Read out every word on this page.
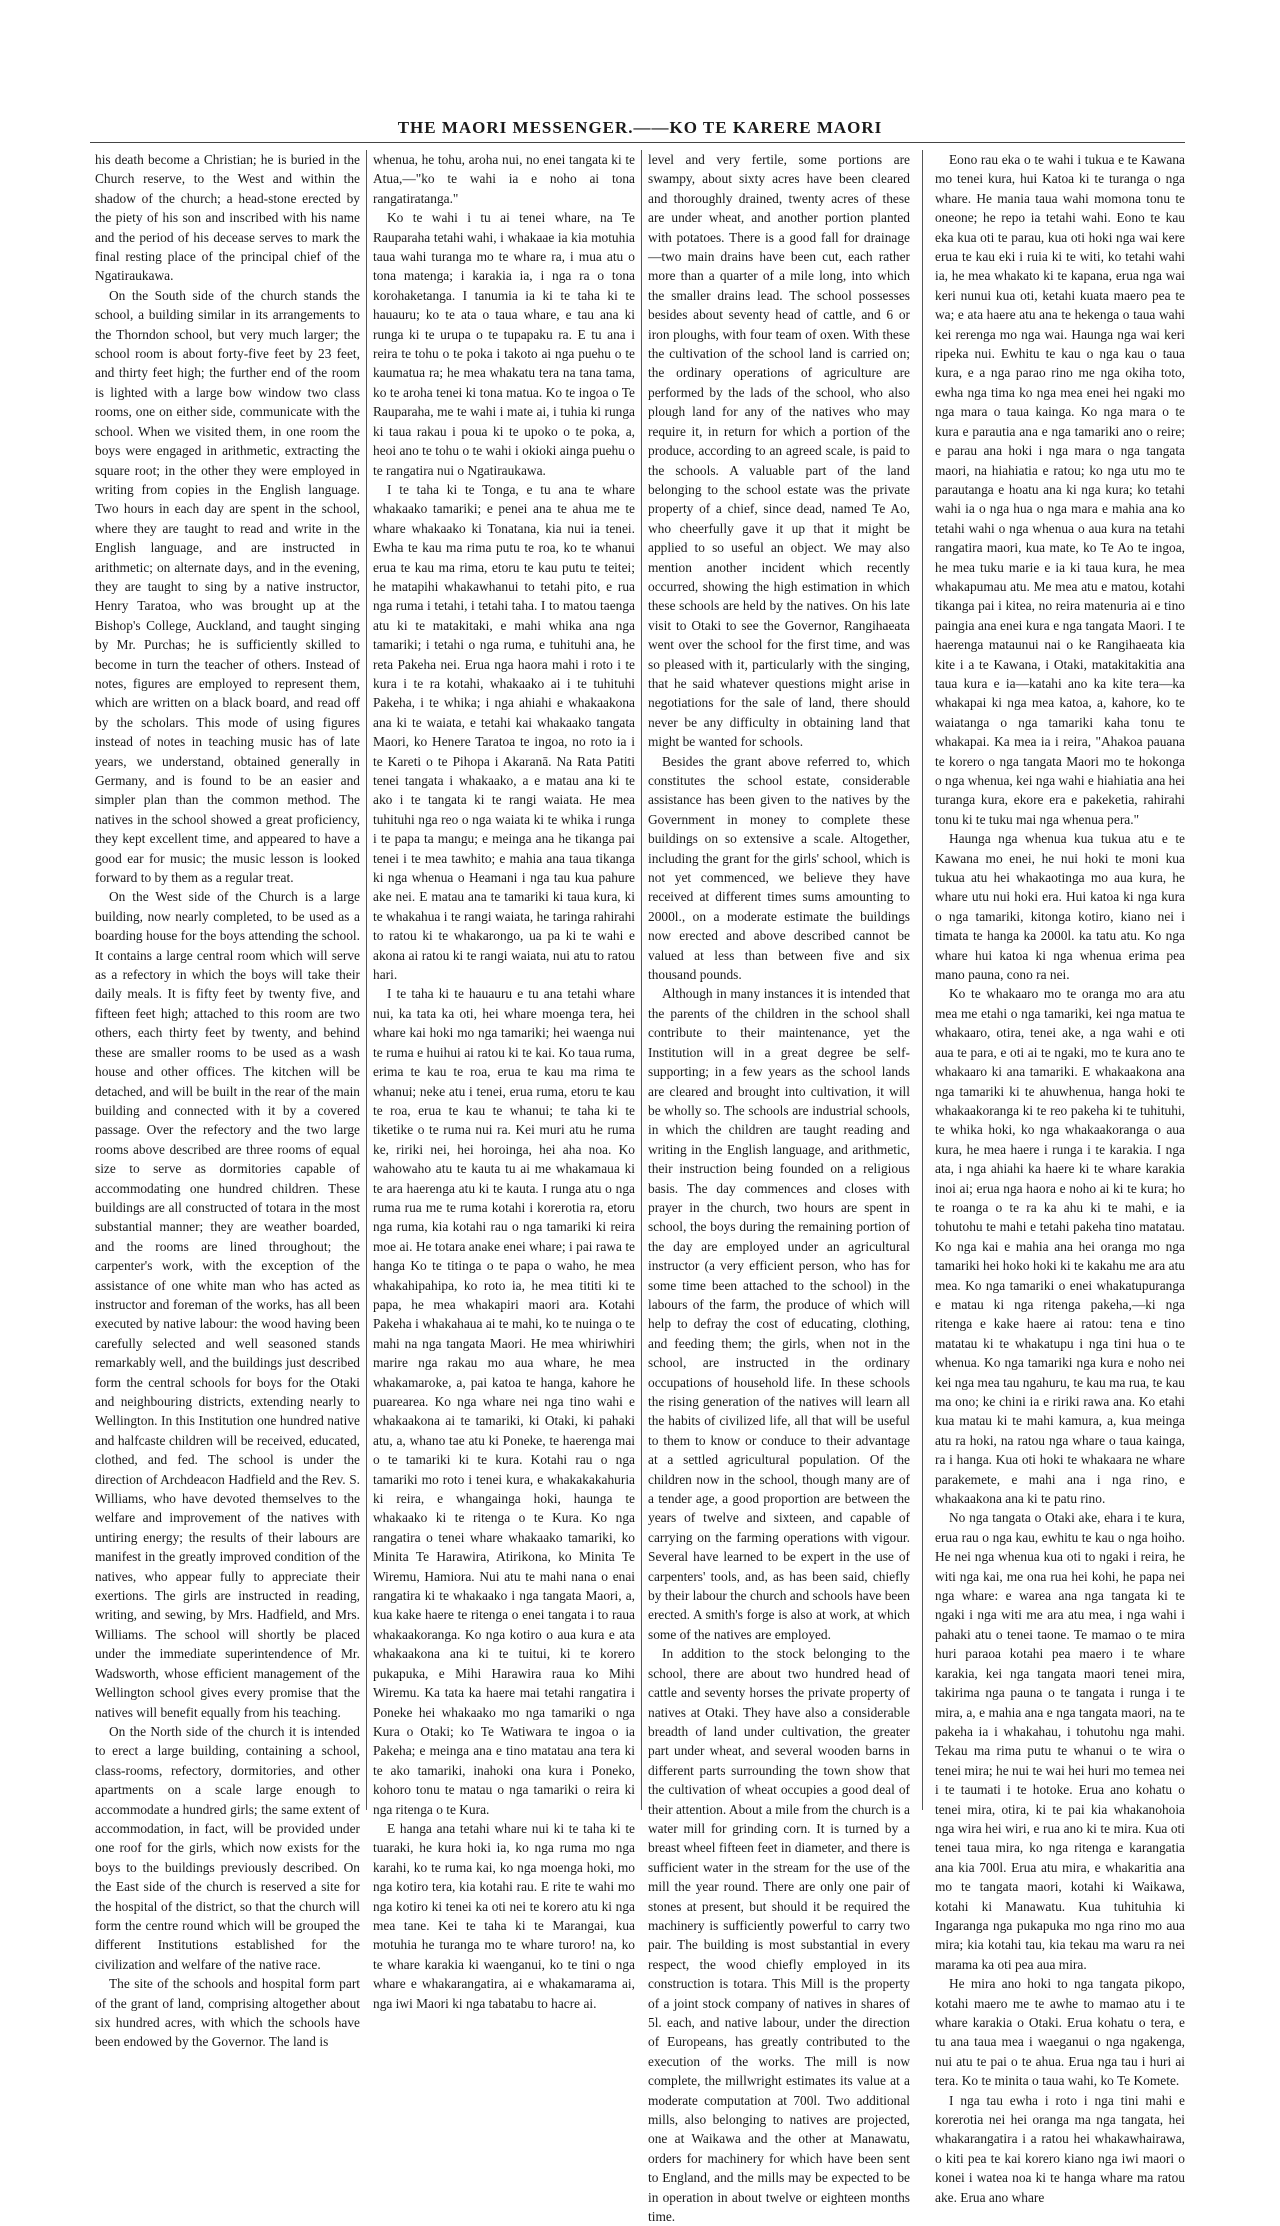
THE MAORI MESSENGER.——KO TE KARERE MAORI

his death become a Christian; he is buried in the Church reserve, to the West and within the shadow of the church; a head-stone erected by the piety of his son and inscribed with his name and the period of his decease serves to mark the final resting place of the principal chief of the Ngatiraukawa.

On the South side of the church stands the school, a building similar in its arrangements to the Thorndon school, but very much larger; the school room is about forty-five feet by 23 feet, and thirty feet high; the further end of the room is lighted with a large bow window two class rooms, one on either side, communicate with the school. When we visited them, in one room the boys were engaged in arithmetic, extracting the square root; in the other they were employed in writing from copies in the English language. Two hours in each day are spent in the school, where they are taught to read and write in the English language, and are instructed in arithmetic; on alternate days, and in the evening, they are taught to sing by a native instructor, Henry Taratoa, who was brought up at the Bishop's College, Auckland, and taught singing by Mr. Purchas; he is sufficiently skilled to become in turn the teacher of others. Instead of notes, figures are employed to represent them, which are written on a black board, and read off by the scholars. This mode of using figures instead of notes in teaching music has of late years, we understand, obtained generally in Germany, and is found to be an easier and simpler plan than the common method. The natives in the school showed a great proficiency, they kept excellent time, and appeared to have a good ear for music; the music lesson is looked forward to by them as a regular treat.

On the West side of the Church is a large building, now nearly completed, to be used as a boarding house for the boys attending the school. It contains a large central room which will serve as a refectory in which the boys will take their daily meals. It is fifty feet by twenty five, and fifteen feet high; attached to this room are two others, each thirty feet by twenty, and behind these are smaller rooms to be used as a wash house and other offices. The kitchen will be detached, and will be built in the rear of the main building and connected with it by a covered passage. Over the refectory and the two large rooms above described are three rooms of equal size to serve as dormitories capable of accommodating one hundred children. These buildings are all constructed of totara in the most substantial manner; they are weather boarded, and the rooms are lined throughout; the carpenter's work, with the exception of the assistance of one white man who has acted as instructor and foreman of the works, has all been executed by native labour: the wood having been carefully selected and well seasoned stands remarkably well, and the buildings just described form the central schools for boys for the Otaki and neighbouring districts, extending nearly to Wellington. In this Institution one hundred native and halfcaste children will be received, educated, clothed, and fed. The school is under the direction of Archdeacon Hadfield and the Rev. S. Williams, who have devoted themselves to the welfare and improvement of the natives with untiring energy; the results of their labours are manifest in the greatly improved condition of the natives, who appear fully to appreciate their exertions. The girls are instructed in reading, writing, and sewing, by Mrs. Hadfield, and Mrs. Williams. The school will shortly be placed under the immediate superintendence of Mr. Wadsworth, whose efficient management of the Wellington school gives every promise that the natives will benefit equally from his teaching.

On the North side of the church it is intended to erect a large building, containing a school, class-rooms, refectory, dormitories, and other apartments on a scale large enough to accommodate a hundred girls; the same extent of accommodation, in fact, will be provided under one roof for the girls, which now exists for the boys to the buildings previously described. On the East side of the church is reserved a site for the hospital of the district, so that the church will form the centre round which will be grouped the different Institutions established for the civilization and welfare of the native race.

The site of the schools and hospital form part of the grant of land, comprising altogether about six hundred acres, with which the schools have been endowed by the Governor. The land is

whenua, he tohu, aroha nui, no enei tangata ki te Atua,—"ko te wahi ia e noho ai tona rangatiratanga."

Ko te wahi i tu ai tenei whare, na Te Rauparaha tetahi wahi, i whakaae ia kia motuhia taua wahi turanga mo te whare ra, i mua atu o tona matenga; i karakia ia, i nga ra o tona korohaketanga. I tanumia ia ki te taha ki te hauauru; ko te ata o taua whare, e tau ana ki runga ki te urupa o te tupapaku ra. E tu ana i reira te tohu o te poka i takoto ai nga puehu o te kaumatua ra; he mea whakatu tera na tana tama, ko te aroha tenei ki tona matua. Ko te ingoa o Te Rauparaha, me te wahi i mate ai, i tuhia ki runga ki taua rakau i poua ki te upoko o te poka, a, heoi ano te tohu o te wahi i okioki ainga puehu o te rangatira nui o Ngatiraukawa.

I te taha ki te Tonga, e tu ana te whare whakaako tamariki; e penei ana te ahua me te whare whakaako ki Tonatana, kia nui ia tenei. Ewha te kau ma rima putu te roa, ko te whanui erua te kau ma rima, etoru te kau putu te teitei; he matapihi whakawhanui to tetahi pito, e rua nga ruma i tetahi, i tetahi taha. I to matou taenga atu ki te matakitaki, e mahi whika ana nga tamariki; i tetahi o nga ruma, e tuhituhi ana, he reta Pakeha nei. Erua nga haora mahi i roto i te kura i te ra kotahi, whakaako ai i te tuhituhi Pakeha, i te whika; i nga ahiahi e whakaakona ana ki te waiata, e tetahi kai whakaako tangata Maori, ko Henere Taratoa te ingoa, no roto ia i te Kareti o te Pihopa i Akaranā. Na Rata Patiti tenei tangata i whakaako, a e matau ana ki te ako i te tangata ki te rangi waiata. He mea tuhituhi nga reo o nga waiata ki te whika i runga i te papa ta mangu; e meinga ana he tikanga pai tenei i te mea tawhito; e mahia ana taua tikanga ki nga whenua o Heamani i nga tau kua pahure ake nei. E matau ana te tamariki ki taua kura, ki te whakahua i te rangi waiata, he taringa rahirahi to ratou ki te whakarongo, ua pa ki te wahi e akona ai ratou ki te rangi waiata, nui atu to ratou hari.

I te taha ki te hauauru e tu ana tetahi whare nui, ka tata ka oti, hei whare moenga tera, hei whare kai hoki mo nga tamariki; hei waenga nui te ruma e huihui ai ratou ki te kai. Ko taua ruma, erima te kau te roa, erua te kau ma rima te whanui; neke atu i tenei, erua ruma, etoru te kau te roa, erua te kau te whanui; te taha ki te tiketike o te ruma nui ra. Kei muri atu he ruma ke, ririki nei, hei horoinga, hei aha noa. Ko wahowaho atu te kauta tu ai me whakamaua ki te ara haerenga atu ki te kauta. I runga atu o nga ruma rua me te ruma kotahi i korerotia ra, etoru nga ruma, kia kotahi rau o nga tamariki ki reira moe ai. He totara anake enei whare; i pai rawa te hanga Ko te titinga o te papa o waho, he mea whakahipahipa, ko roto ia, he mea tititi ki te papa, he mea whakapiri maori ara. Kotahi Pakeha i whakahaua ai te mahi, ko te nuinga o te mahi na nga tangata Maori. He mea whiriwhiri marire nga rakau mo aua whare, he mea whakamaroke, a, pai katoa te hanga, kahore he puarearea. Ko nga whare nei nga tino wahi e whakaakona ai te tamariki, ki Otaki, ki pahaki atu, a, whano tae atu ki Poneke, te haerenga mai o te tamariki ki te kura. Kotahi rau o nga tamariki mo roto i tenei kura, e whakakakahuria ki reira, e whangainga hoki, haunga te whakaako ki te ritenga o te Kura. Ko nga rangatira o tenei whare whakaako tamariki, ko Minita Te Harawira, Atirikona, ko Minita Te Wiremu, Hamiora. Nui atu te mahi nana o enai rangatira ki te whakaako i nga tangata Maori, a, kua kake haere te ritenga o enei tangata i to raua whakaakoranga. Ko nga kotiro o aua kura e ata whakaakona ana ki te tuitui, ki te korero pukapuka, e Mihi Harawira raua ko Mihi Wiremu. Ka tata ka haere mai tetahi rangatira i Poneke hei whakaako mo nga tamariki o nga Kura o Otaki; ko Te Watiwara te ingoa o ia Pakeha; e meinga ana e tino matatau ana tera ki te ako tamariki, inahoki ona kura i Poneko, kohoro tonu te matau o nga tamariki o reira ki nga ritenga o te Kura.

E hanga ana tetahi whare nui ki te taha ki te tuaraki, he kura hoki ia, ko nga ruma mo nga karahi, ko te ruma kai, ko nga moenga hoki, mo nga kotiro tera, kia kotahi rau. E rite te wahi mo nga kotiro ki tenei ka oti nei te korero atu ki nga mea tane. Kei te taha ki te Marangai, kua motuhia he turanga mo te whare turoro! na, ko te whare karakia ki waenganui, ko te tini o nga whare e whakarangatira, ai e whakamarama ai, nga iwi Maori ki nga tabatabu to hacre ai.

level and very fertile, some portions are swampy, about sixty acres have been cleared and thoroughly drained, twenty acres of these are under wheat, and another portion planted with potatoes. There is a good fall for drainage—two main drains have been cut, each rather more than a quarter of a mile long, into which the smaller drains lead. The school possesses besides about seventy head of cattle, and 6 or iron ploughs, with four team of oxen. With these the cultivation of the school land is carried on; the ordinary operations of agriculture are performed by the lads of the school, who also plough land for any of the natives who may require it, in return for which a portion of the produce, according to an agreed scale, is paid to the schools. A valuable part of the land belonging to the school estate was the private property of a chief, since dead, named Te Ao, who cheerfully gave it up that it might be applied to so useful an object. We may also mention another incident which recently occurred, showing the high estimation in which these schools are held by the natives. On his late visit to Otaki to see the Governor, Rangihaeata went over the school for the first time, and was so pleased with it, particularly with the singing, that he said whatever questions might arise in negotiations for the sale of land, there should never be any difficulty in obtaining land that might be wanted for schools.

Besides the grant above referred to, which constitutes the school estate, considerable assistance has been given to the natives by the Government in money to complete these buildings on so extensive a scale. Altogether, including the grant for the girls' school, which is not yet commenced, we believe they have received at different times sums amounting to 2000l., on a moderate estimate the buildings now erected and above described cannot be valued at less than between five and six thousand pounds.

Although in many instances it is intended that the parents of the children in the school shall contribute to their maintenance, yet the Institution will in a great degree be self-supporting; in a few years as the school lands are cleared and brought into cultivation, it will be wholly so. The schools are industrial schools, in which the children are taught reading and writing in the English language, and arithmetic, their instruction being founded on a religious basis. The day commences and closes with prayer in the church, two hours are spent in school, the boys during the remaining portion of the day are employed under an agricultural instructor (a very efficient person, who has for some time been attached to the school) in the labours of the farm, the produce of which will help to defray the cost of educating, clothing, and feeding them; the girls, when not in the school, are instructed in the ordinary occupations of household life. In these schools the rising generation of the natives will learn all the habits of civilized life, all that will be useful to them to know or conduce to their advantage at a settled agricultural population. Of the children now in the school, though many are of a tender age, a good proportion are between the years of twelve and sixteen, and capable of carrying on the farming operations with vigour. Several have learned to be expert in the use of carpenters' tools, and, as has been said, chiefly by their labour the church and schools have been erected. A smith's forge is also at work, at which some of the natives are employed.

In addition to the stock belonging to the school, there are about two hundred head of cattle and seventy horses the private property of natives at Otaki. They have also a considerable breadth of land under cultivation, the greater part under wheat, and several wooden barns in different parts surrounding the town show that the cultivation of wheat occupies a good deal of their attention. About a mile from the church is a water mill for grinding corn. It is turned by a breast wheel fifteen feet in diameter, and there is sufficient water in the stream for the use of the mill the year round. There are only one pair of stones at present, but should it be required the machinery is sufficiently powerful to carry two pair. The building is most substantial in every respect, the wood chiefly employed in its construction is totara. This Mill is the property of a joint stock company of natives in shares of 5l. each, and native labour, under the direction of Europeans, has greatly contributed to the execution of the works. The mill is now complete, the millwright estimates its value at a moderate computation at 700l. Two additional mills, also belonging to natives are projected, one at Waikawa and the other at Manawatu, orders for machinery for which have been sent to England, and the mills may be expected to be in operation in about twelve or eighteen months time.

Eono rau eka o te wahi i tukua e te Kawana mo tenei kura, hui Katoa ki te turanga o nga whare. He mania taua wahi momona tonu te oneone; he repo ia tetahi wahi. Eono te kau eka kua oti te parau, kua oti hoki nga wai kere erua te kau eki i ruia ki te witi, ko tetahi wahi ia, he mea whakato ki te kapana, erua nga wai keri nunui kua oti, ketahi kuata maero pea te wa; e ata haere atu ana te hekenga o taua wahi kei rerenga mo nga wai. Haunga nga wai keri ripeka nui. Ewhitu te kau o nga kau o taua kura, e a nga parao rino me nga okiha toto, ewha nga tima ko nga mea enei hei ngaki mo nga mara o taua kainga. Ko nga mara o te kura e parautia ana e nga tamariki ano o reire; e parau ana hoki i nga mara o nga tangata maori, na hiahiatia e ratou; ko nga utu mo te parautanga e hoatu ana ki nga kura; ko tetahi wahi ia o nga hua o nga mara e mahia ana ko tetahi wahi o nga whenua o aua kura na tetahi rangatira maori, kua mate, ko Te Ao te ingoa, he mea tuku marie e ia ki taua kura, he mea whakapumau atu. Me mea atu e matou, kotahi tikanga pai i kitea, no reira matenuria ai e tino paingia ana enei kura e nga tangata Maori. I te haerenga mataunui nai o ke Rangihaeata kia kite i a te Kawana, i Otaki, matakitakitia ana taua kura e ia—katahi ano ka kite tera—ka whakapai ki nga mea katoa, a, kahore, ko te waiatanga o nga tamariki kaha tonu te whakapai. Ka mea ia i reira, "Ahakoa pauana te korero o nga tangata Maori mo te hokonga o nga whenua, kei nga wahi e hiahiatia ana hei turanga kura, ekore era e pakeketia, rahirahi tonu ki te tuku mai nga whenua pera."

Haunga nga whenua kua tukua atu e te Kawana mo enei, he nui hoki te moni kua tukua atu hei whakaotinga mo aua kura, he whare utu nui hoki era. Hui katoa ki nga kura o nga tamariki, kitonga kotiro, kiano nei i timata te hanga ka 2000l. ka tatu atu. Ko nga whare hui katoa ki nga whenua erima pea mano pauna, cono ra nei.

Ko te whakaaro mo te oranga mo ara atu mea me etahi o nga tamariki, kei nga matua te whakaaro, otira, tenei ake, a nga wahi e oti aua te para, e oti ai te ngaki, mo te kura ano te whakaaro ki ana tamariki. E whakaakona ana nga tamariki ki te ahuwhenua, hanga hoki te whakaakoranga ki te reo pakeha ki te tuhituhi, te whika hoki, ko nga whakaakoranga o aua kura, he mea haere i runga i te karakia. I nga ata, i nga ahiahi ka haere ki te whare karakia inoi ai; erua nga haora e noho ai ki te kura; ho te roanga o te ra ka ahu ki te mahi, e ia tohutohu te mahi e tetahi pakeha tino matatau. Ko nga kai e mahia ana hei oranga mo nga tamariki hei hoko hoki ki te kakahu me ara atu mea. Ko nga tamariki o enei whakatupuranga e matau ki nga ritenga pakeha,—ki nga ritenga e kake haere ai ratou: tena e tino matatau ki te whakatupu i nga tini hua o te whenua. Ko nga tamariki nga kura e noho nei kei nga mea tau ngahuru, te kau ma rua, te kau ma ono; ke chini ia e ririki rawa ana. Ko etahi kua matau ki te mahi kamura, a, kua meinga atu ra hoki, na ratou nga whare o taua kainga, ra i hanga. Kua oti hoki te whakaara ne whare parakemete, e mahi ana i nga rino, e whakaakona ana ki te patu rino.

No nga tangata o Otaki ake, ehara i te kura, erua rau o nga kau, ewhitu te kau o nga hoiho. He nei nga whenua kua oti to ngaki i reira, he witi nga kai, me ona rua hei kohi, he papa nei nga whare: e warea ana nga tangata ki te ngaki i nga witi me ara atu mea, i nga wahi i pahaki atu o tenei taone. Te mamao o te mira huri paraoa kotahi pea maero i te whare karakia, kei nga tangata maori tenei mira, takirima nga pauna o te tangata i runga i te mira, a, e mahia ana e nga tangata maori, na te pakeha ia i whakahau, i tohutohu nga mahi. Tekau ma rima putu te whanui o te wira o tenei mira; he nui te wai hei huri mo temea nei i te taumati i te hotoke. Erua ano kohatu o tenei mira, otira, ki te pai kia whakanohoia nga wira hei wiri, e rua ano ki te mira. Kua oti tenei taua mira, ko nga ritenga e karangatia ana kia 700l. Erua atu mira, e whakaritia ana mo te tangata maori, kotahi ki Waikawa, kotahi ki Manawatu. Kua tuhituhia ki Ingaranga nga pukapuka mo nga rino mo aua mira; kia kotahi tau, kia tekau ma waru ra nei marama ka oti pea aua mira.

He mira ano hoki to nga tangata pikopo, kotahi maero me te awhe to mamao atu i te whare karakia o Otaki. Erua kohatu o tera, e tu ana taua mea i waeganui o nga ngakenga, nui atu te pai o te ahua. Erua nga tau i huri ai tera. Ko te minita o taua wahi, ko Te Komete.

I nga tau ewha i roto i nga tini mahi e korerotia nei hei oranga ma nga tangata, hei whakarangatira i a ratou hei whakawhairawa, o kiti pea te kai korero kiano nga iwi maori o konei i watea noa ki te hanga whare ma ratou ake. Erua ano whare
